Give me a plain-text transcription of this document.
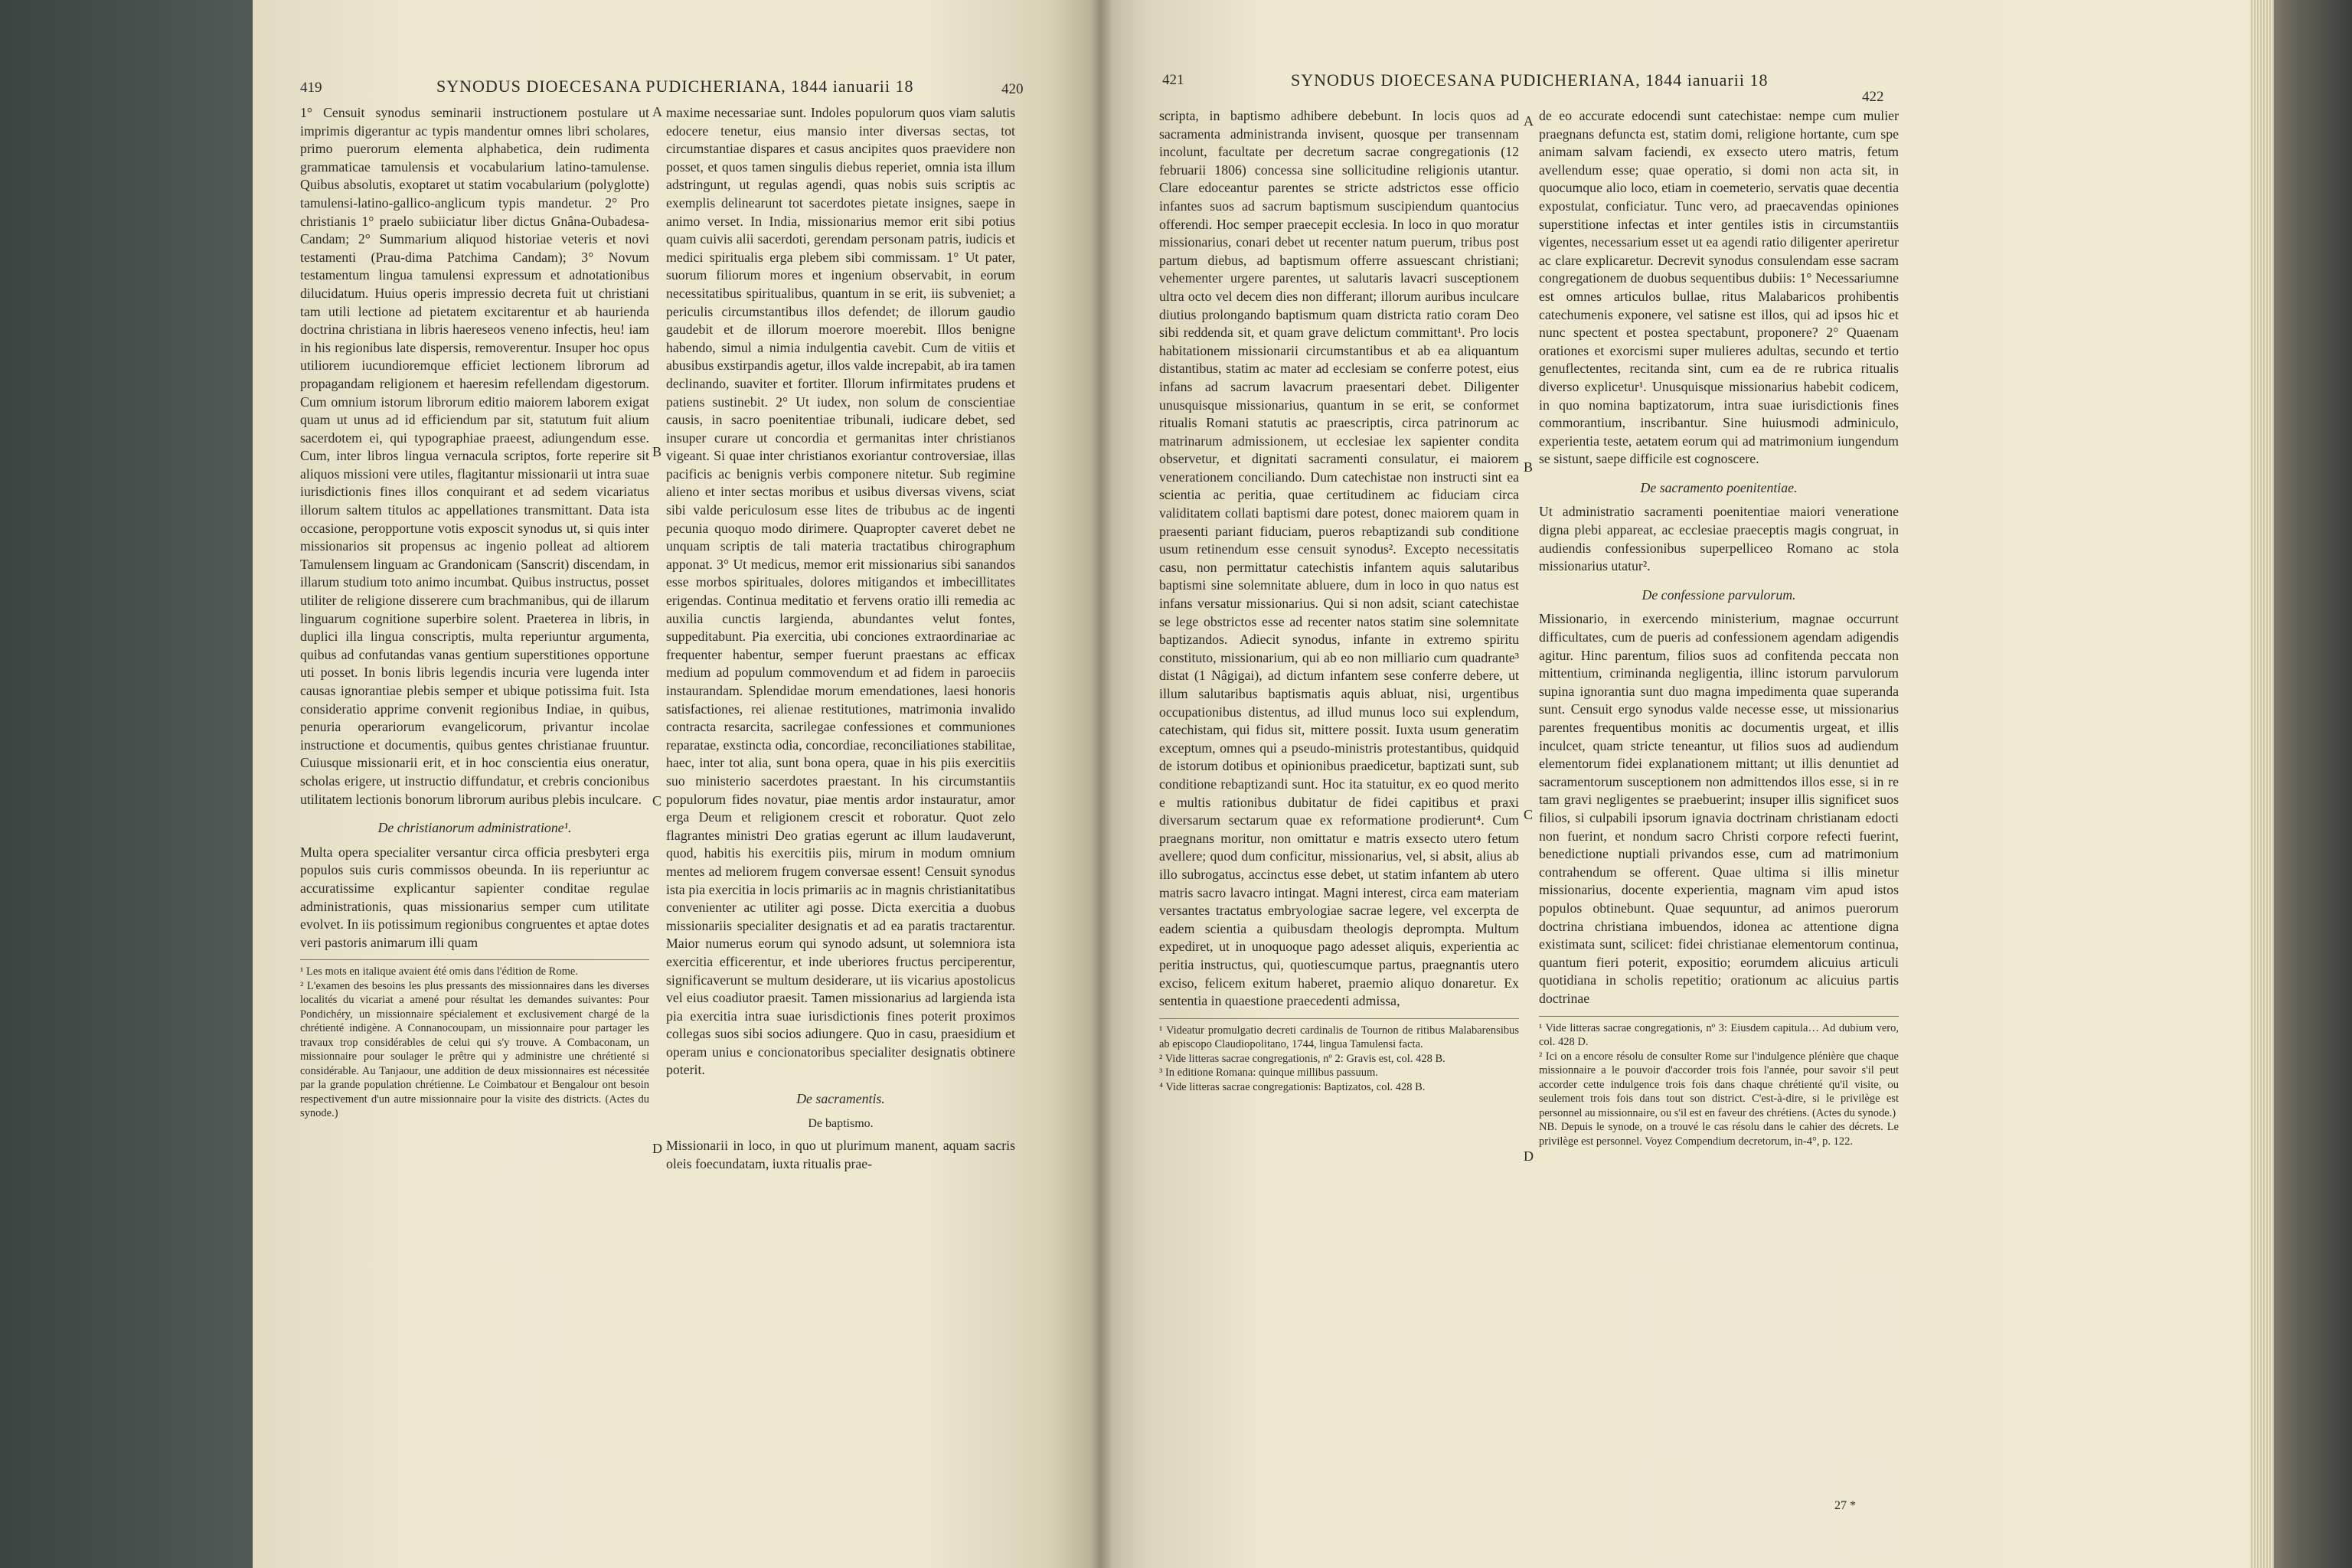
419	SYNODUS DIOECESANA PUDICHERIANA, 1844 ianuarii 18	420

1° Censuit synodus seminarii instructionem postulare ut imprimis digerantur ac typis mandentur omnes libri scholares, primo puerorum elementa alphabetica, dein rudimenta grammaticae tamulensis et vocabularium latino-tamulense. Quibus absolutis, exoptaret ut statim vocabularium (polyglotte) tamulensi-latino-gallico-anglicum typis mandetur. 2° Pro christianis 1° praelo subiiciatur liber dictus Gnâna-Oubadesa-Candam; 2° Summarium aliquod historiae veteris et novi testamenti (Prau-dima Patchima Candam); 3° Novum testamentum lingua tamulensi expressum et adnotationibus dilucidatum. Huius operis impressio decreta fuit ut christiani tam utili lectione ad pietatem excitarentur et ab haurienda doctrina christiana in libris haereseos veneno infectis, heu! iam in his regionibus late dispersis, removerentur. Insuper hoc opus utiliorem iucundioremque efficiet lectionem librorum ad propagandam religionem et haeresim refellendam digestorum. Cum omnium istorum librorum editio maiorem laborem exigat quam ut unus ad id efficiendum par sit, statutum fuit alium sacerdotem ei, qui typographiae praeest, adiungendum esse. Cum, inter libros lingua vernacula scriptos, forte reperire sit aliquos missioni vere utiles, flagitantur missionarii ut intra suae iurisdictionis fines illos conquirant et ad sedem vicariatus illorum saltem titulos ac appellationes transmittant. Data ista occasione, peropportune votis exposcit synodus ut, si quis inter missionarios sit propensus ac ingenio polleat ad altiorem Tamulensem linguam ac Grandonicam (Sanscrit) discendam, in illarum studium toto animo incumbat. Quibus instructus, posset utiliter de religione disserere cum brachmanibus, qui de illarum linguarum cognitione superbire solent. Praeterea in libris, in duplici illa lingua conscriptis, multa reperiuntur argumenta, quibus ad confutandas vanas gentium superstitiones opportune uti posset. In bonis libris legendis incuria vere lugenda inter causas ignorantiae plebis semper et ubique potissima fuit. Ista consideratio apprime convenit regionibus Indiae, in quibus, penuria operariorum evangelicorum, privantur incolae instructione et documentis, quibus gentes christianae fruuntur. Cuiusque missionarii erit, et in hoc conscientia eius oneratur, scholas erigere, ut instructio diffundatur, et crebris concionibus utilitatem lectionis bonorum librorum auribus plebis inculcare.

De christianorum administratione¹.

Multa opera specialiter versantur circa officia presbyteri erga populos suis curis commissos obeunda. In iis reperiuntur ac accuratissime explicantur sapienter conditae regulae administrationis, quas missionarius semper cum utilitate evolvet. In iis potissimum regionibus congruentes et aptae dotes veri pastoris animarum illi quam

¹ Les mots en italique avaient été omis dans l'édition de Rome.

² L'examen des besoins les plus pressants des missionnaires dans les diverses localités du vicariat a amené pour résultat les demandes suivantes: Pour Pondichéry, un missionnaire spécialement et exclusivement chargé de la chrétienté indigène. A Connanocoupam, un missionnaire pour partager les travaux trop considérables de celui qui s'y trouve. A Combaconam, un missionnaire pour soulager le prêtre qui y administre une chrétienté si considérable. Au Tanjaour, une addition de deux missionnaires est nécessitée par la grande population chrétienne. Le Coimbatour et Bengalour ont besoin respectivement d'un autre missionnaire pour la visite des districts. (Actes du synode.)

A
B
C
D

maxime necessariae sunt. Indoles populorum quos viam salutis edocere tenetur, eius mansio inter diversas sectas, tot circumstantiae dispares et casus ancipites quos praevidere non posset, et quos tamen singulis diebus reperiet, omnia ista illum adstringunt, ut regulas agendi, quas nobis suis scriptis ac exemplis delinearunt tot sacerdotes pietate insignes, saepe in animo verset. In India, missionarius memor erit sibi potius quam cuivis alii sacerdoti, gerendam personam patris, iudicis et medici spiritualis erga plebem sibi commissam. 1° Ut pater, suorum filiorum mores et ingenium observabit, in eorum necessitatibus spiritualibus, quantum in se erit, iis subveniet; a periculis circumstantibus illos defendet; de illorum gaudio gaudebit et de illorum moerore moerebit. Illos benigne habendo, simul a nimia indulgentia cavebit. Cum de vitiis et abusibus exstirpandis agetur, illos valde increpabit, ab ira tamen declinando, suaviter et fortiter. Illorum infirmitates prudens et patiens sustinebit. 2° Ut iudex, non solum de conscientiae causis, in sacro poenitentiae tribunali, iudicare debet, sed insuper curare ut concordia et germanitas inter christianos vigeant. Si quae inter christianos exoriantur controversiae, illas pacificis ac benignis verbis componere nitetur. Sub regimine alieno et inter sectas moribus et usibus diversas vivens, sciat sibi valde periculosum esse lites de tribubus ac de ingenti pecunia quoquo modo dirimere. Quapropter caveret debet ne unquam scriptis de tali materia tractatibus chirographum apponat. 3° Ut medicus, memor erit missionarius sibi sanandos esse morbos spirituales, dolores mitigandos et imbecillitates erigendas. Continua meditatio et fervens oratio illi remedia ac auxilia cunctis largienda, abundantes velut fontes, suppeditabunt. Pia exercitia, ubi conciones extraordinariae ac frequenter habentur, semper fuerunt praestans ac efficax medium ad populum commovendum et ad fidem in paroeciis instaurandam. Splendidae morum emendationes, laesi honoris satisfactiones, rei alienae restitutiones, matrimonia invalido contracta resarcita, sacrilegae confessiones et communiones reparatae, exstincta odia, concordiae, reconciliationes stabilitae, haec, inter tot alia, sunt bona opera, quae in his piis exercitiis suo ministerio sacerdotes praestant. In his circumstantiis populorum fides novatur, piae mentis ardor instauratur, amor erga Deum et religionem crescit et roboratur. Quot zelo flagrantes ministri Deo gratias egerunt ac illum laudaverunt, quod, habitis his exercitiis piis, mirum in modum omnium mentes ad meliorem frugem conversae essent! Censuit synodus ista pia exercitia in locis primariis ac in magnis christianitatibus convenienter ac utiliter agi posse. Dicta exercitia a duobus missionariis specialiter designatis et ad ea paratis tractarentur. Maior numerus eorum qui synodo adsunt, ut solemniora ista exercitia efficerentur, et inde uberiores fructus perciperentur, significaverunt se multum desiderare, ut iis vicarius apostolicus vel eius coadiutor praesit. Tamen missionarius ad largienda ista pia exercitia intra suae iurisdictionis fines poterit proximos collegas suos sibi socios adiungere. Quo in casu, praesidium et operam unius e concionatoribus specialiter designatis obtinere poterit.

De sacramentis.

De baptismo.

Missionarii in loco, in quo ut plurimum manent, aquam sacris oleis foecundatam, iuxta ritualis prae-

421	SYNODUS DIOECESANA PUDICHERIANA, 1844 ianuarii 18
422

scripta, in baptismo adhibere debebunt. In locis quos ad sacramenta administranda invisent, quosque per transennam incolunt, facultate per decretum sacrae congregationis (12 februarii 1806) concessa sine sollicitudine religionis utantur. Clare edoceantur parentes se stricte adstrictos esse officio infantes suos ad sacrum baptismum suscipiendum quantocius offerendi. Hoc semper praecepit ecclesia. In loco in quo moratur missionarius, conari debet ut recenter natum puerum, tribus post partum diebus, ad baptismum offerre assuescant christiani; vehementer urgere parentes, ut salutaris lavacri susceptionem ultra octo vel decem dies non differant; illorum auribus inculcare diutius prolongando baptismum quam districta ratio coram Deo sibi reddenda sit, et quam grave delictum committant¹. Pro locis habitationem missionarii circumstantibus et ab ea aliquantum distantibus, statim ac mater ad ecclesiam se conferre potest, eius infans ad sacrum lavacrum praesentari debet. Diligenter unusquisque missionarius, quantum in se erit, se conformet ritualis Romani statutis ac praescriptis, circa patrinorum ac matrinarum admissionem, ut ecclesiae lex sapienter condita observetur, et dignitati sacramenti consulatur, ei maiorem venerationem conciliando. Dum catechistae non instructi sint ea scientia ac peritia, quae certitudinem ac fiduciam circa validitatem collati baptismi dare potest, donec maiorem quam in praesenti pariant fiduciam, pueros rebaptizandi sub conditione usum retinendum esse censuit synodus². Excepto necessitatis casu, non permittatur catechistis infantem aquis salutaribus baptismi sine solemnitate abluere, dum in loco in quo natus est infans versatur missionarius. Qui si non adsit, sciant catechistae se lege obstrictos esse ad recenter natos statim sine solemnitate baptizandos. Adiecit synodus, infante in extremo spiritu constituto, missionarium, qui ab eo non milliario cum quadrante³ distat (1 Nâgigai), ad dictum infantem sese conferre debere, ut illum salutaribus baptismatis aquis abluat, nisi, urgentibus occupationibus distentus, ad illud munus loco sui explendum, catechistam, qui fidus sit, mittere possit. Iuxta usum generatim exceptum, omnes qui a pseudo-ministris protestantibus, quidquid de istorum dotibus et opinionibus praedicetur, baptizati sunt, sub conditione rebaptizandi sunt. Hoc ita statuitur, ex eo quod merito e multis rationibus dubitatur de fidei capitibus et praxi diversarum sectarum quae ex reformatione prodierunt⁴. Cum praegnans moritur, non omittatur e matris exsecto utero fetum avellere; quod dum conficitur, missionarius, vel, si absit, alius ab illo subrogatus, accinctus esse debet, ut statim infantem ab utero matris sacro lavacro intingat. Magni interest, circa eam materiam versantes tractatus embryologiae sacrae legere, vel excerpta de eadem scientia a quibusdam theologis deprompta. Multum expediret, ut in unoquoque pago adesset aliquis, experientia ac peritia instructus, qui, quotiescumque partus, praegnantis utero exciso, felicem exitum haberet, praemio aliquo donaretur. Ex sententia in quaestione praecedenti admissa,

¹ Videatur promulgatio decreti cardinalis de Tournon de ritibus Malabarensibus ab episcopo Claudiopolitano, 1744, lingua Tamulensi facta.

² Vide litteras sacrae congregationis, nº 2: Gravis est, col. 428 B.

³ In editione Romana: quinque millibus passuum.

⁴ Vide litteras sacrae congregationis: Baptizatos, col. 428 B.

A
B
C
D

de eo accurate edocendi sunt catechistae: nempe cum mulier praegnans defuncta est, statim domi, religione hortante, cum spe animam salvam faciendi, ex exsecto utero matris, fetum avellendum esse; quae operatio, si domi non acta sit, in quocumque alio loco, etiam in coemeterio, servatis quae decentia expostulat, conficiatur. Tunc vero, ad praecavendas opiniones superstitione infectas et inter gentiles istis in circumstantiis vigentes, necessarium esset ut ea agendi ratio diligenter aperiretur ac clare explicaretur. Decrevit synodus consulendam esse sacram congregationem de duobus sequentibus dubiis: 1° Necessariumne est omnes articulos bullae, ritus Malabaricos prohibentis catechumenis exponere, vel satisne est illos, qui ad ipsos hic et nunc spectent et postea spectabunt, proponere? 2° Quaenam orationes et exorcismi super mulieres adultas, secundo et tertio genuflectentes, recitanda sint, cum ea de re rubrica ritualis diverso explicetur¹. Unusquisque missionarius habebit codicem, in quo nomina baptizatorum, intra suae iurisdictionis fines commorantium, inscribantur. Sine huiusmodi adminiculo, experientia teste, aetatem eorum qui ad matrimonium iungendum se sistunt, saepe difficile est cognoscere.

De sacramento poenitentiae.

Ut administratio sacramenti poenitentiae maiori veneratione digna plebi appareat, ac ecclesiae praeceptis magis congruat, in audiendis confessionibus superpelliceo Romano ac stola missionarius utatur².

De confessione parvulorum.

Missionario, in exercendo ministerium, magnae occurrunt difficultates, cum de pueris ad confessionem agendam adigendis agitur. Hinc parentum, filios suos ad confitenda peccata non mittentium, criminanda negligentia, illinc istorum parvulorum supina ignorantia sunt duo magna impedimenta quae superanda sunt. Censuit ergo synodus valde necesse esse, ut missionarius parentes frequentibus monitis ac documentis urgeat, et illis inculcet, quam stricte teneantur, ut filios suos ad audiendum elementorum fidei explanationem mittant; ut illis denuntiet ad sacramentorum susceptionem non admittendos illos esse, si in re tam gravi negligentes se praebuerint; insuper illis significet suos filios, si culpabili ipsorum ignavia doctrinam christianam edocti non fuerint, et nondum sacro Christi corpore refecti fuerint, benedictione nuptiali privandos esse, cum ad matrimonium contrahendum se offerent. Quae ultima si illis minetur missionarius, docente experientia, magnam vim apud istos populos obtinebunt. Quae sequuntur, ad animos puerorum doctrina christiana imbuendos, idonea ac attentione digna existimata sunt, scilicet: fidei christianae elementorum continua, quantum fieri poterit, expositio; eorumdem alicuius articuli quotidiana in scholis repetitio; orationum ac alicuius partis doctrinae

¹ Vide litteras sacrae congregationis, nº 3: Eiusdem capitula… Ad dubium vero, col. 428 D.

² Ici on a encore résolu de consulter Rome sur l'indulgence plénière que chaque missionnaire a le pouvoir d'accorder trois fois l'année, pour savoir s'il peut accorder cette indulgence trois fois dans chaque chrétienté qu'il visite, ou seulement trois fois dans tout son district. C'est-à-dire, si le privilège est personnel au missionnaire, ou s'il est en faveur des chrétiens. (Actes du synode.)

NB. Depuis le synode, on a trouvé le cas résolu dans le cahier des décrets. Le privilège est personnel. Voyez Compendium decretorum, in-4°, p. 122.

27 *
